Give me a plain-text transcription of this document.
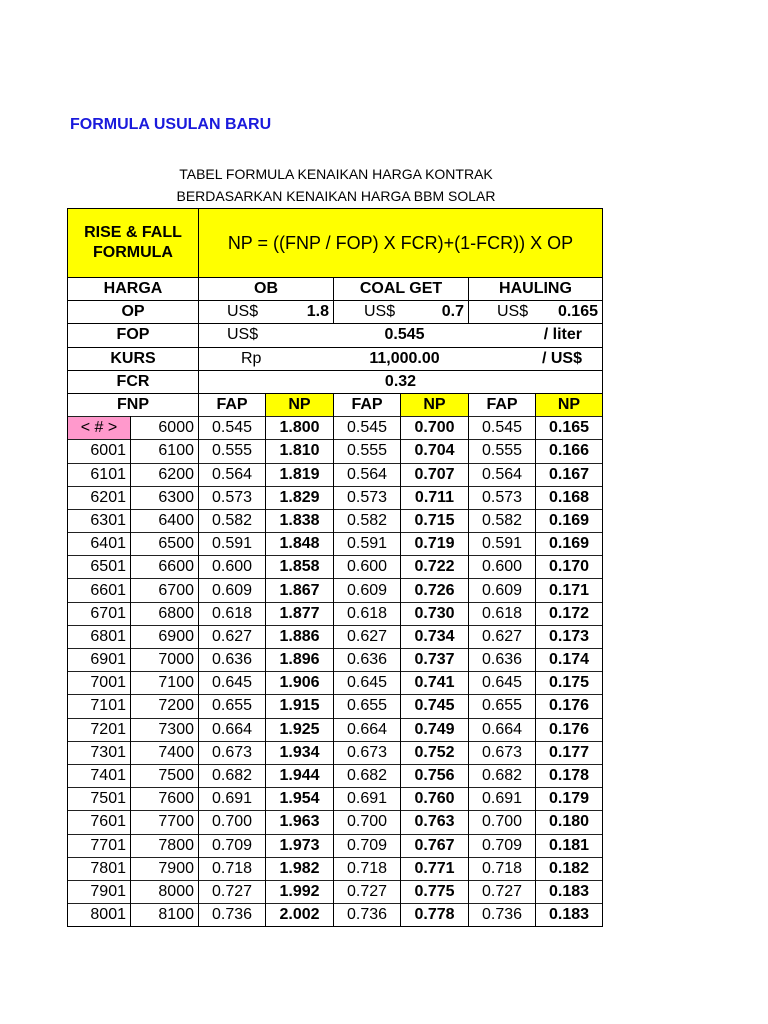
FORMULA USULAN BARU
TABEL FORMULA KENAIKAN HARGA KONTRAK
BERDASARKAN KENAIKAN HARGA BBM SOLAR
RISE & FALL
FORMULA		NP = ((FNP / FOP) X FCR)+(1-FCR)) X OP					
HARGA		OB		COAL GET		HAULING	
OP		US$ 1.8		US$ 0.7		US$ 0.165	

FOP		US$ 0.545 / liter					

KURS		Rp 11,000.00 / US$					

FCR		0.32					
FNP		FAP	NP	FAP	NP	FAP	NP
< # >	6000	0.545	1.800	0.545	0.700	0.545	0.165
6001	6100	0.555	1.810	0.555	0.704	0.555	0.166
6101	6200	0.564	1.819	0.564	0.707	0.564	0.167
6201	6300	0.573	1.829	0.573	0.711	0.573	0.168
6301	6400	0.582	1.838	0.582	0.715	0.582	0.169
6401	6500	0.591	1.848	0.591	0.719	0.591	0.169
6501	6600	0.600	1.858	0.600	0.722	0.600	0.170
6601	6700	0.609	1.867	0.609	0.726	0.609	0.171
6701	6800	0.618	1.877	0.618	0.730	0.618	0.172
6801	6900	0.627	1.886	0.627	0.734	0.627	0.173
6901	7000	0.636	1.896	0.636	0.737	0.636	0.174
7001	7100	0.645	1.906	0.645	0.741	0.645	0.175
7101	7200	0.655	1.915	0.655	0.745	0.655	0.176
7201	7300	0.664	1.925	0.664	0.749	0.664	0.176
7301	7400	0.673	1.934	0.673	0.752	0.673	0.177
7401	7500	0.682	1.944	0.682	0.756	0.682	0.178
7501	7600	0.691	1.954	0.691	0.760	0.691	0.179
7601	7700	0.700	1.963	0.700	0.763	0.700	0.180
7701	7800	0.709	1.973	0.709	0.767	0.709	0.181
7801	7900	0.718	1.982	0.718	0.771	0.718	0.182
7901	8000	0.727	1.992	0.727	0.775	0.727	0.183
8001	8100	0.736	2.002	0.736	0.778	0.736	0.183
